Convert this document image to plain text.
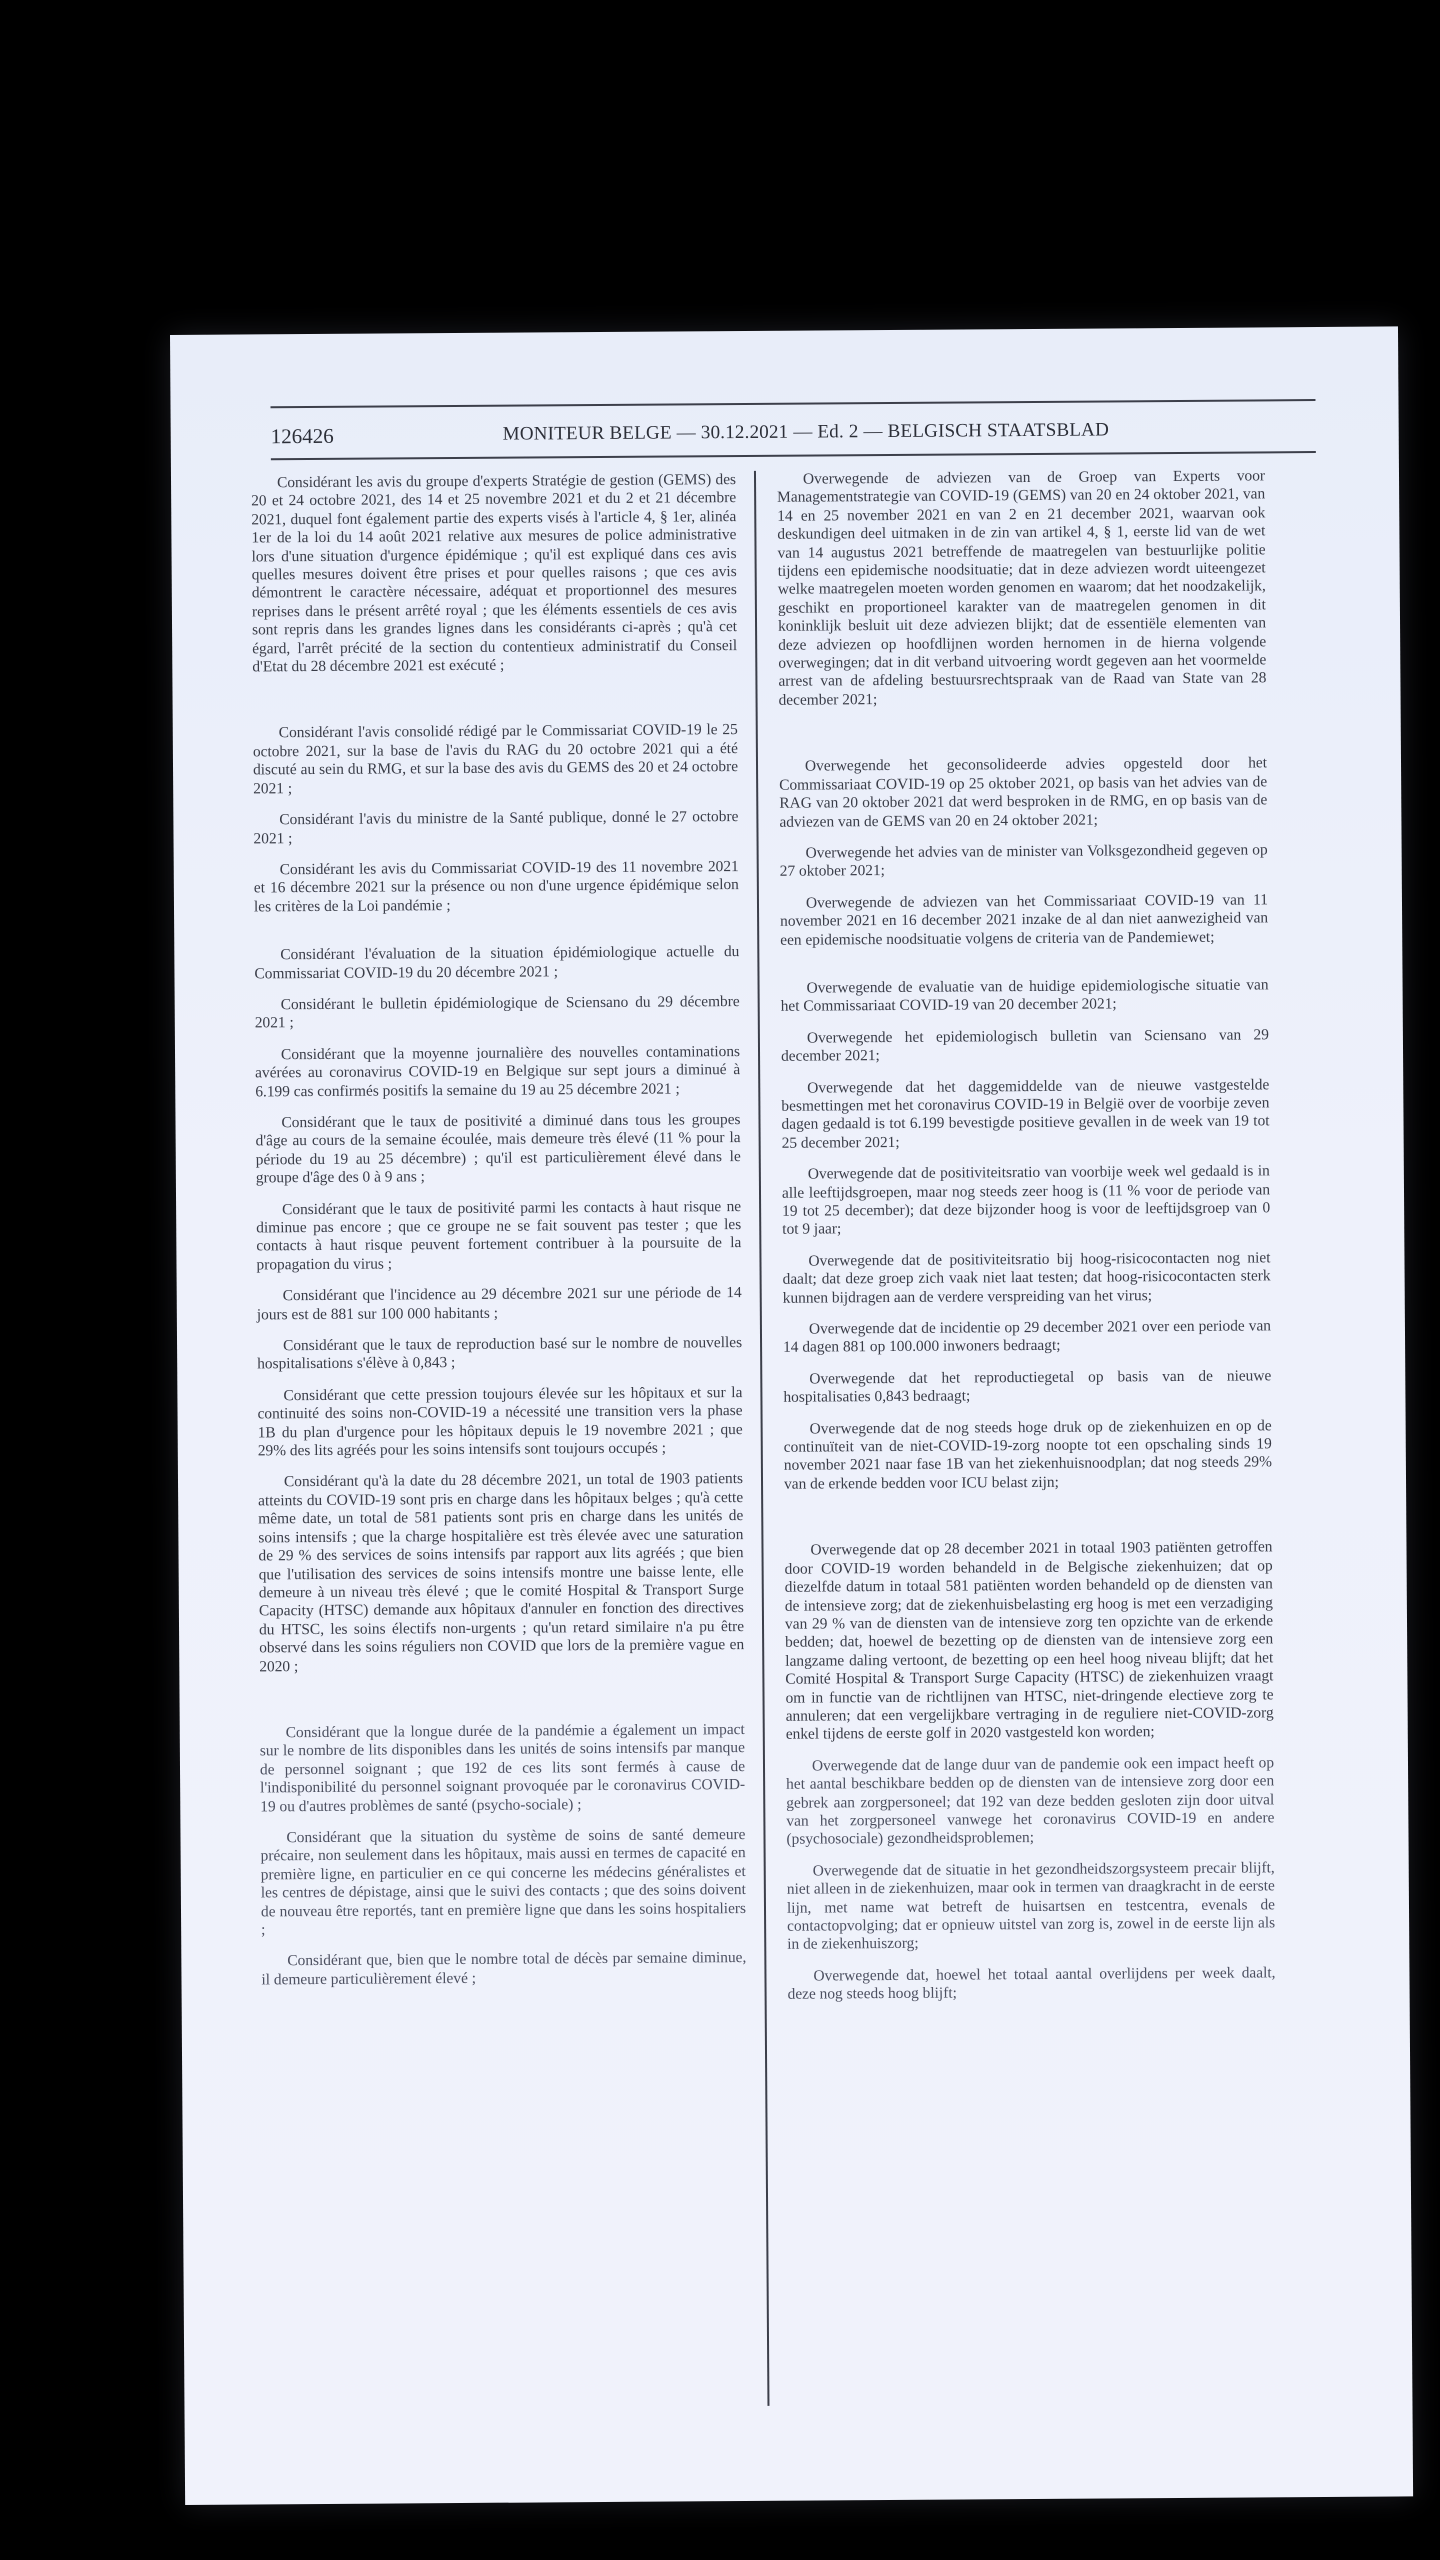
126426	MONITEUR BELGE — 30.12.2021 — Ed. 2 — BELGISCH STAATSBLAD

Considérant les avis du groupe d'experts Stratégie de gestion (GEMS) des 20 et 24 octobre 2021, des 14 et 25 novembre 2021 et du 2 et 21 décembre 2021, duquel font également partie des experts visés à l'article 4, § 1er, alinéa 1er de la loi du 14 août 2021 relative aux mesures de police administrative lors d'une situation d'urgence épidémique ; qu'il est expliqué dans ces avis quelles mesures doivent être prises et pour quelles raisons ; que ces avis démontrent le caractère nécessaire, adéquat et proportionnel des mesures reprises dans le présent arrêté royal ; que les éléments essentiels de ces avis sont repris dans les grandes lignes dans les considérants ci-après ; qu'à cet égard, l'arrêt précité de la section du contentieux administratif du Conseil d'Etat du 28 décembre 2021 est exécuté ;

Considérant l'avis consolidé rédigé par le Commissariat COVID-19 le 25 octobre 2021, sur la base de l'avis du RAG du 20 octobre 2021 qui a été discuté au sein du RMG, et sur la base des avis du GEMS des 20 et 24 octobre 2021 ;

Considérant l'avis du ministre de la Santé publique, donné le 27 octobre 2021 ;

Considérant les avis du Commissariat COVID-19 des 11 novembre 2021 et 16 décembre 2021 sur la présence ou non d'une urgence épidémique selon les critères de la Loi pandémie ;

Considérant l'évaluation de la situation épidémiologique actuelle du Commissariat COVID-19 du 20 décembre 2021 ;

Considérant le bulletin épidémiologique de Sciensano du 29 décembre 2021 ;

Considérant que la moyenne journalière des nouvelles contaminations avérées au coronavirus COVID-19 en Belgique sur sept jours a diminué à 6.199 cas confirmés positifs la semaine du 19 au 25 décembre 2021 ;

Considérant que le taux de positivité a diminué dans tous les groupes d'âge au cours de la semaine écoulée, mais demeure très élevé (11 % pour la période du 19 au 25 décembre) ; qu'il est particulièrement élevé dans le groupe d'âge des 0 à 9 ans ;

Considérant que le taux de positivité parmi les contacts à haut risque ne diminue pas encore ; que ce groupe ne se fait souvent pas tester ; que les contacts à haut risque peuvent fortement contribuer à la poursuite de la propagation du virus ;

Considérant que l'incidence au 29 décembre 2021 sur une période de 14 jours est de 881 sur 100 000 habitants ;

Considérant que le taux de reproduction basé sur le nombre de nouvelles hospitalisations s'élève à 0,843 ;

Considérant que cette pression toujours élevée sur les hôpitaux et sur la continuité des soins non-COVID-19 a nécessité une transition vers la phase 1B du plan d'urgence pour les hôpitaux depuis le 19 novembre 2021 ; que 29% des lits agréés pour les soins intensifs sont toujours occupés ;

Considérant qu'à la date du 28 décembre 2021, un total de 1903 patients atteints du COVID-19 sont pris en charge dans les hôpitaux belges ; qu'à cette même date, un total de 581 patients sont pris en charge dans les unités de soins intensifs ; que la charge hospitalière est très élevée avec une saturation de 29 % des services de soins intensifs par rapport aux lits agréés ; que bien que l'utilisation des services de soins intensifs montre une baisse lente, elle demeure à un niveau très élevé ; que le comité Hospital & Transport Surge Capacity (HTSC) demande aux hôpitaux d'annuler en fonction des directives du HTSC, les soins électifs non-urgents ; qu'un retard similaire n'a pu être observé dans les soins réguliers non COVID que lors de la première vague en 2020 ;

Considérant que la longue durée de la pandémie a également un impact sur le nombre de lits disponibles dans les unités de soins intensifs par manque de personnel soignant ; que 192 de ces lits sont fermés à cause de l'indisponibilité du personnel soignant provoquée par le coronavirus COVID-19 ou d'autres problèmes de santé (psycho-sociale) ;

Considérant que la situation du système de soins de santé demeure précaire, non seulement dans les hôpitaux, mais aussi en termes de capacité en première ligne, en particulier en ce qui concerne les médecins généralistes et les centres de dépistage, ainsi que le suivi des contacts ; que des soins doivent de nouveau être reportés, tant en première ligne que dans les soins hospitaliers ;

Considérant que, bien que le nombre total de décès par semaine diminue, il demeure particulièrement élevé ;

Overwegende de adviezen van de Groep van Experts voor Managementstrategie van COVID-19 (GEMS) van 20 en 24 oktober 2021, van 14 en 25 november 2021 en van 2 en 21 december 2021, waarvan ook deskundigen deel uitmaken in de zin van artikel 4, § 1, eerste lid van de wet van 14 augustus 2021 betreffende de maatregelen van bestuurlijke politie tijdens een epidemische noodsituatie; dat in deze adviezen wordt uiteengezet welke maatregelen moeten worden genomen en waarom; dat het noodzakelijk, geschikt en proportioneel karakter van de maatregelen genomen in dit koninklijk besluit uit deze adviezen blijkt; dat de essentiële elementen van deze adviezen op hoofdlijnen worden hernomen in de hierna volgende overwegingen; dat in dit verband uitvoering wordt gegeven aan het voormelde arrest van de afdeling bestuursrechtspraak van de Raad van State van 28 december 2021;

Overwegende het geconsolideerde advies opgesteld door het Commissariaat COVID-19 op 25 oktober 2021, op basis van het advies van de RAG van 20 oktober 2021 dat werd besproken in de RMG, en op basis van de adviezen van de GEMS van 20 en 24 oktober 2021;

Overwegende het advies van de minister van Volksgezondheid gegeven op 27 oktober 2021;

Overwegende de adviezen van het Commissariaat COVID-19 van 11 november 2021 en 16 december 2021 inzake de al dan niet aanwezigheid van een epidemische noodsituatie volgens de criteria van de Pandemiewet;

Overwegende de evaluatie van de huidige epidemiologische situatie van het Commissariaat COVID-19 van 20 december 2021;

Overwegende het epidemiologisch bulletin van Sciensano van 29 december 2021;

Overwegende dat het daggemiddelde van de nieuwe vastgestelde besmettingen met het coronavirus COVID-19 in België over de voorbije zeven dagen gedaald is tot 6.199 bevestigde positieve gevallen in de week van 19 tot 25 december 2021;

Overwegende dat de positiviteitsratio van voorbije week wel gedaald is in alle leeftijdsgroepen, maar nog steeds zeer hoog is (11 % voor de periode van 19 tot 25 december); dat deze bijzonder hoog is voor de leeftijdsgroep van 0 tot 9 jaar;

Overwegende dat de positiviteitsratio bij hoog-risicocontacten nog niet daalt; dat deze groep zich vaak niet laat testen; dat hoog-risicocontacten sterk kunnen bijdragen aan de verdere verspreiding van het virus;

Overwegende dat de incidentie op 29 december 2021 over een periode van 14 dagen 881 op 100.000 inwoners bedraagt;

Overwegende dat het reproductiegetal op basis van de nieuwe hospitalisaties 0,843 bedraagt;

Overwegende dat de nog steeds hoge druk op de ziekenhuizen en op de continuïteit van de niet-COVID-19-zorg noopte tot een opschaling sinds 19 november 2021 naar fase 1B van het ziekenhuisnoodplan; dat nog steeds 29% van de erkende bedden voor ICU belast zijn;

Overwegende dat op 28 december 2021 in totaal 1903 patiënten getroffen door COVID-19 worden behandeld in de Belgische ziekenhuizen; dat op diezelfde datum in totaal 581 patiënten worden behandeld op de diensten van de intensieve zorg; dat de ziekenhuisbelasting erg hoog is met een verzadiging van 29 % van de diensten van de intensieve zorg ten opzichte van de erkende bedden; dat, hoewel de bezetting op de diensten van de intensieve zorg een langzame daling vertoont, de bezetting op een heel hoog niveau blijft; dat het Comité Hospital & Transport Surge Capacity (HTSC) de ziekenhuizen vraagt om in functie van de richtlijnen van HTSC, niet-dringende electieve zorg te annuleren; dat een vergelijkbare vertraging in de reguliere niet-COVID-zorg enkel tijdens de eerste golf in 2020 vastgesteld kon worden;

Overwegende dat de lange duur van de pandemie ook een impact heeft op het aantal beschikbare bedden op de diensten van de intensieve zorg door een gebrek aan zorgpersoneel; dat 192 van deze bedden gesloten zijn door uitval van het zorgpersoneel vanwege het coronavirus COVID-19 en andere (psychosociale) gezondheidsproblemen;

Overwegende dat de situatie in het gezondheidszorgsysteem precair blijft, niet alleen in de ziekenhuizen, maar ook in termen van draagkracht in de eerste lijn, met name wat betreft de huisartsen en testcentra, evenals de contactopvolging; dat er opnieuw uitstel van zorg is, zowel in de eerste lijn als in de ziekenhuiszorg;

Overwegende dat, hoewel het totaal aantal overlijdens per week daalt, deze nog steeds hoog blijft;
